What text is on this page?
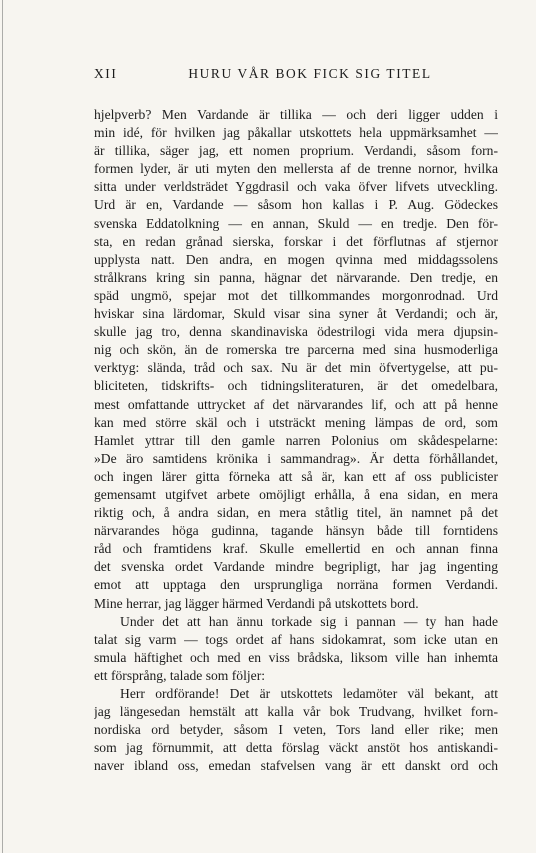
XII	HURU VÅR BOK FICK SIG TITEL
hjelpverb? Men Vardande är tillika — och deri ligger udden i
min idé, för hvilken jag påkallar utskottets hela uppmärksamhet —
är tillika, säger jag, ett nomen proprium. Verdandi, såsom forn-
formen lyder, är uti myten den mellersta af de trenne nornor, hvilka
sitta under verldsträdet Yggdrasil och vaka öfver lifvets utveckling.
Urd är en, Vardande — såsom hon kallas i P. Aug. Gödeckes
svenska Eddatolkning — en annan, Skuld — en tredje. Den för-
sta, en redan grånad sierska, forskar i det förflutnas af stjernor
upplysta natt. Den andra, en mogen qvinna med middagssolens
strålkrans kring sin panna, hägnar det närvarande. Den tredje, en
späd ungmö, spejar mot det tillkommandes morgonrodnad. Urd
hviskar sina lärdomar, Skuld visar sina syner åt Verdandi; och är,
skulle jag tro, denna skandinaviska ödestrilogi vida mera djupsin-
nig och skön, än de romerska tre parcerna med sina husmoderliga
verktyg: slända, tråd och sax. Nu är det min öfvertygelse, att pu-
bliciteten, tidskrifts- och tidningsliteraturen, är det omedelbara,
mest omfattande uttrycket af det närvarandes lif, och att på henne
kan med större skäl och i utsträckt mening lämpas de ord, som
Hamlet yttrar till den gamle narren Polonius om skådespelarne:
»De äro samtidens krönika i sammandrag». Är detta förhållandet,
och ingen lärer gitta förneka att så är, kan ett af oss publicister
gemensamt utgifvet arbete omöjligt erhålla, å ena sidan, en mera
riktig och, å andra sidan, en mera ståtlig titel, än namnet på det
närvarandes höga gudinna, tagande hänsyn både till forntidens
råd och framtidens kraf. Skulle emellertid en och annan finna
det svenska ordet Vardande mindre begripligt, har jag ingenting
emot att upptaga den ursprungliga norräna formen Verdandi.
Mine herrar, jag lägger härmed Verdandi på utskottets bord.
Under det att han ännu torkade sig i pannan — ty han hade
talat sig varm — togs ordet af hans sidokamrat, som icke utan en
smula häftighet och med en viss brådska, liksom ville han inhemta
ett försprång, talade som följer:
Herr ordförande! Det är utskottets ledamöter väl bekant, att
jag längesedan hemstält att kalla vår bok Trudvang, hvilket forn-
nordiska ord betyder, såsom I veten, Tors land eller rike; men
som jag förnummit, att detta förslag väckt anstöt hos antiskandi-
naver ibland oss, emedan stafvelsen vang är ett danskt ord och
